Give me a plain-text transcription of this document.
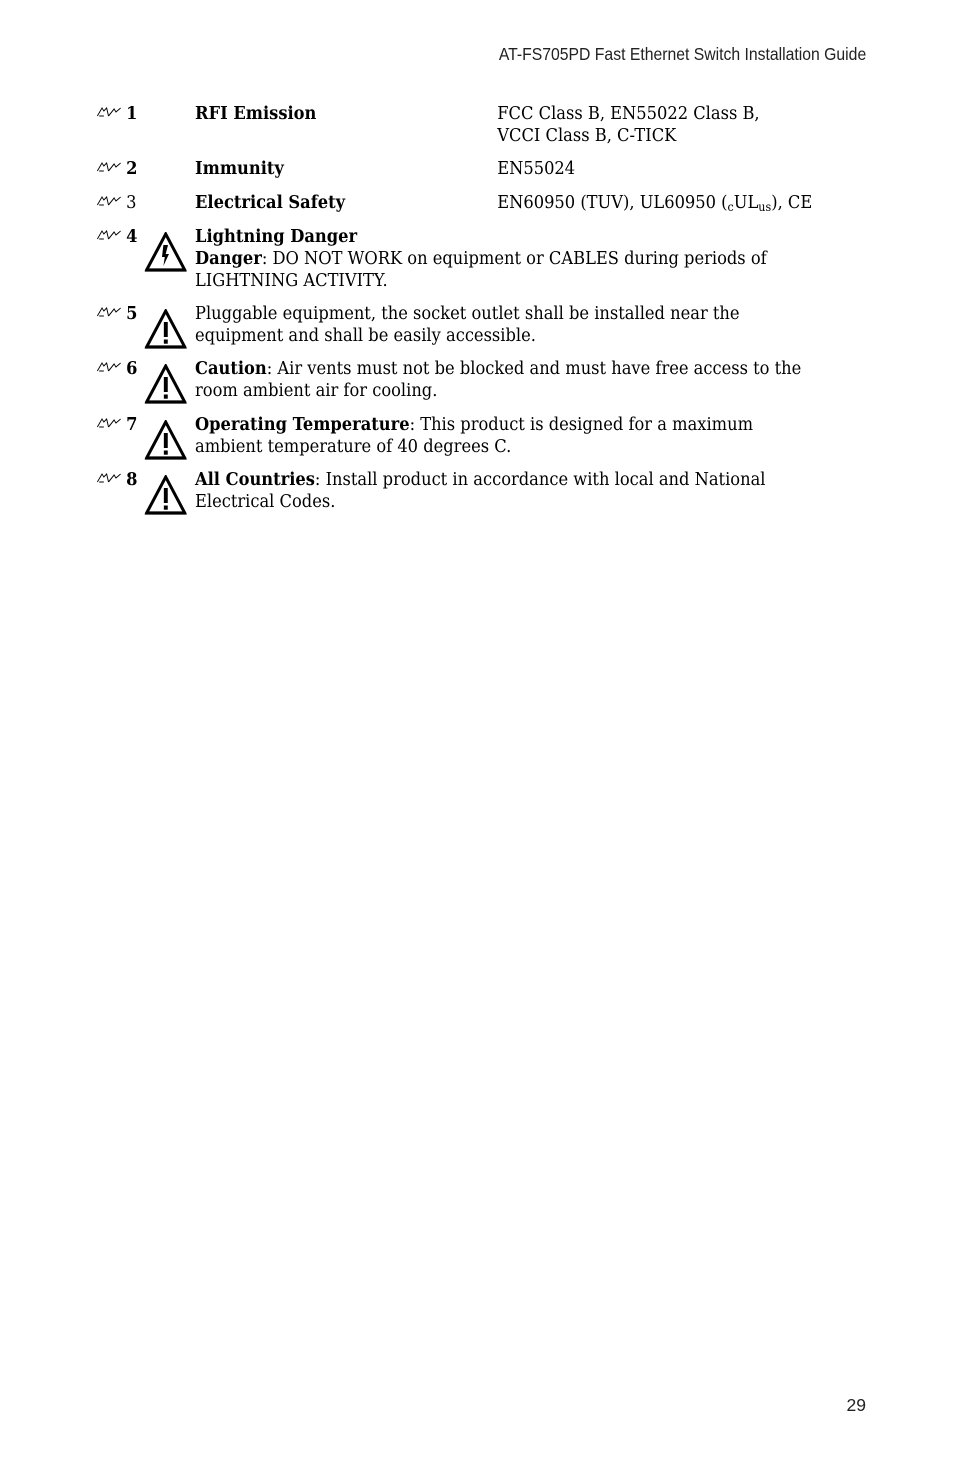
AT-FS705PD Fast Ethernet Switch Installation Guide
1	RFI Emission	FCC Class B, EN55022 Class B,
VCCI Class B, C-TICK
2	Immunity	EN55024
3	Electrical Safety	EN60950 (TUV), UL60950 $(_cUL_{us})$, CE
4	Lightning Danger
Danger: DO NOT WORK on equipment or CABLES during periods of
LIGHTNING ACTIVITY.
5	Pluggable equipment, the socket outlet shall be installed near the
equipment and shall be easily accessible.
6	Caution: Air vents must not be blocked and must have free access to the
room ambient air for cooling.
7	Operating Temperature: This product is designed for a maximum
ambient temperature of 40 degrees C.
8	All Countries: Install product in accordance with local and National
Electrical Codes.
29
